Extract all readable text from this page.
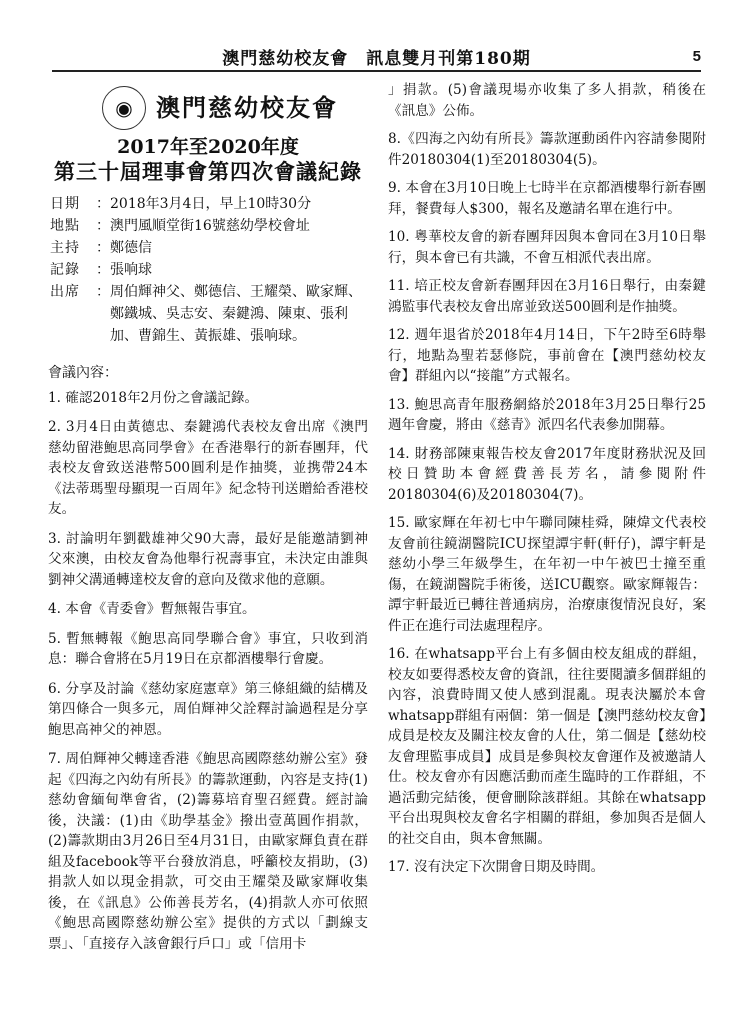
澳門慈幼校友會　訊息雙月刊第180期	5
◉ 澳門慈幼校友會
2017年至2020年度
第三十屆理事會第四次會議紀錄
日期	： 2018年3月4日，早上10時30分
地點	： 澳門風順堂街16號慈幼學校會址
主持	： 鄭德信
記錄	： 張响球
出席	： 周伯輝神父、鄭德信、王耀榮、歐家輝、鄭鐵城、吳志安、秦鍵鴻、陳東、張利加、曹錦生、黃振雄、張响球。
會議內容：
1. 確認2018年2月份之會議記錄。
2. 3月4日由黃德忠、秦鍵鴻代表校友會出席《澳門慈幼留港鮑思高同學會》在香港舉行的新春團拜，代表校友會致送港幣500圓利是作抽獎，並携帶24本《法蒂瑪聖母顯現一百周年》紀念特刊送贈給香港校友。
3. 討論明年劉戳雄神父90大壽，最好是能邀請劉神父來澳，由校友會為他舉行祝壽事宜，未決定由誰與劉神父溝通轉達校友會的意向及徵求他的意願。
4. 本會《青委會》暫無報告事宜。
5. 暫無轉報《鮑思高同學聯合會》事宜，只收到消息：聯合會將在5月19日在京都酒樓舉行會慶。
6. 分享及討論《慈幼家庭憲章》第三條組織的結構及第四條合一與多元，周伯輝神父詮釋討論過程是分享鮑思高神父的神恩。
7. 周伯輝神父轉達香港《鮑思高國際慈幼辦公室》發起《四海之內幼有所長》的籌款運動，內容是支持(1)慈幼會緬甸準會省，(2)籌募培育聖召經費。經討論後，決議：(1)由《助學基金》撥出壹萬圓作捐款，(2)籌款期由3月26日至4月31日，由歐家輝負責在群組及facebook等平台發放消息，呼籲校友捐助，(3)捐款人如以現金捐款，可交由王耀榮及歐家輝收集後，在《訊息》公佈善長芳名，(4)捐款人亦可依照《鮑思高國際慈幼辦公室》提供的方式以「劃線支票」、「直接存入該會銀行戶口」或「信用卡
」捐款。(5)會議現場亦收集了多人捐款，稍後在《訊息》公佈。
8.《四海之內幼有所長》籌款運動函件內容請參閱附件20180304(1)至20180304(5)。
9. 本會在3月10日晚上七時半在京都酒樓舉行新春團拜，餐費每人$300，報名及邀請名單在進行中。
10. 粵華校友會的新春團拜因與本會同在3月10日舉行，與本會已有共識，不會互相派代表出席。
11. 培正校友會新春團拜因在3月16日舉行，由秦鍵鴻監事代表校友會出席並致送500圓利是作抽獎。
12. 週年退省於2018年4月14日，下午2時至6時舉行，地點為聖若瑟修院，事前會在【澳門慈幼校友會】群組內以“接龍”方式報名。
13. 鮑思高青年服務網絡於2018年3月25日舉行25週年會慶，將由《慈青》派四名代表參加開幕。
14. 財務部陳東報告校友會2017年度財務狀況及回校日贊助本會經費善長芳名，請參閱附件20180304(6)及20180304(7)。
15. 歐家輝在年初七中午聯同陳桂舜，陳煒文代表校友會前往鏡湖醫院ICU探望譚宇軒(軒仔)，譚宇軒是慈幼小學三年級學生，在年初一中午被巴士撞至重傷，在鏡湖醫院手術後，送ICU觀察。歐家輝報告：譚宇軒最近已轉往普通病房，治療康復情況良好，案件正在進行司法處理程序。
16. 在whatsapp平台上有多個由校友組成的群組，校友如要得悉校友會的資訊，往往要閱讀多個群組的內容，浪費時間又使人感到混亂。現表決屬於本會whatsapp群組有兩個：第一個是【澳門慈幼校友會】成員是校友及關注校友會的人仕，第二個是【慈幼校友會理監事成員】成員是參與校友會運作及被邀請人仕。校友會亦有因應活動而產生臨時的工作群組，不過活動完結後，便會刪除該群組。其餘在whatsapp平台出現與校友會名字相關的群組，參加與否是個人的社交自由，與本會無關。
17. 沒有決定下次開會日期及時間。
